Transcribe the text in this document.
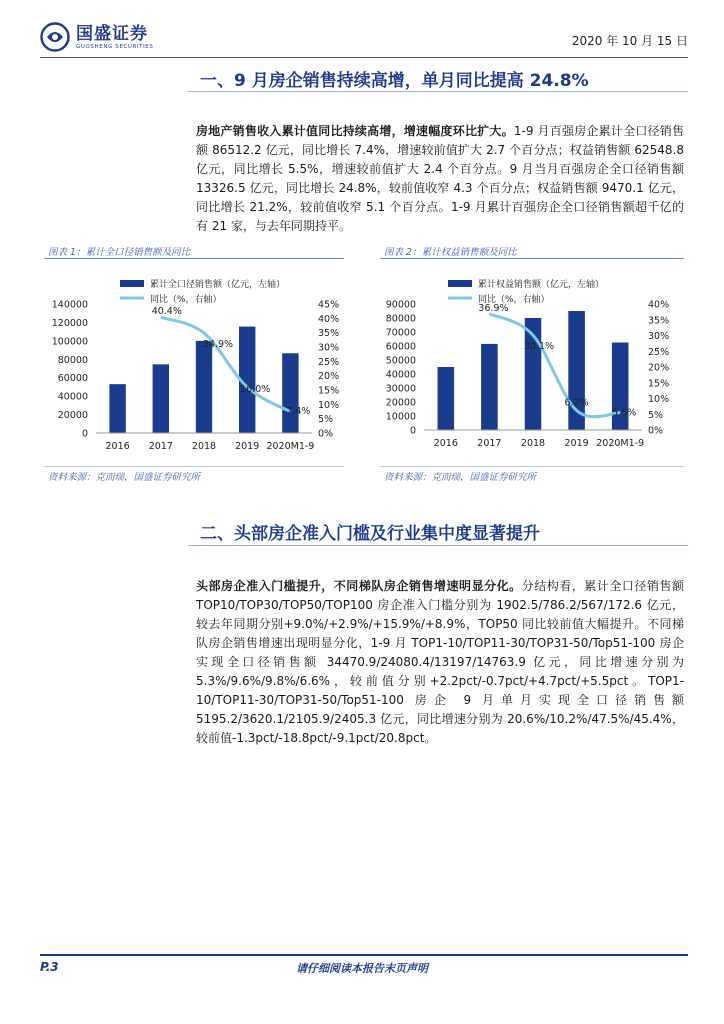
国盛证券
GUOSHENG SECURITIES	2020 年 10 月 15 日
一、9 月房企销售持续高增，单月同比提高 24.8%
房地产销售收入累计值同比持续高增，增速幅度环比扩大。1-9 月百强房企累计全口径销售额 86512.2 亿元，同比增长 7.4%，增速较前值扩大 2.7 个百分点；权益销售额 62548.8亿元，同比增长 5.5%，增速较前值扩大 2.4 个百分点。9 月当月百强房企全口径销售额 13326.5 亿元，同比增长 24.8%，较前值收窄 4.3 个百分点；权益销售额 9470.1 亿元，同比增长 21.2%，较前值收窄 5.1 个百分点。1-9 月累计百强房企全口径销售额超千亿的有 21 家，与去年同期持平。
图表 1：累计全口径销售额及同比	图表 2：累计权益销售额及同比
累计全口径销售额（亿元，左轴）
同比（%，右轴）
0
20000
40000
60000
80000
100000
120000
140000
0%
5%
10%
15%
20%
25%
30%
35%
40%
45%
2016 2017 2018 2019 2020M1-9
40.4%
34.9%
16.0%
7.4%
累计权益销售额（亿元，左轴）
同比（%，右轴）
0
10000
20000
30000
40000
50000
60000
70000
80000
90000
0%
5%
10%
15%
20%
25%
30%
35%
40%
2016 2017 2018 2019 2020M1-9
36.9%
30.1%
6.2%
5.5%
资料来源：克而瑞，国盛证券研究所	资料来源：克而瑞，国盛证券研究所
二、头部房企准入门槛及行业集中度显著提升
头部房企准入门槛提升，不同梯队房企销售增速明显分化。分结构看，累计全口径销售额 TOP10/TOP30/TOP50/TOP100 房企准入门槛分别为 1902.5/786.2/567/172.6 亿元，较去年同期分别+9.0%/+2.9%/+15.9%/+8.9%，TOP50 同比较前值大幅提升。不同梯队房企销售增速出现明显分化，1-9 月 TOP1-10/TOP11-30/TOP31-50/Top51-100 房企实现全口径销售额 34470.9/24080.4/13197/14763.9 亿元，同比增速分别为 5.3%/9.6%/9.8%/6.6%，较前值分别+2.2pct/-0.7pct/+4.7pct/+5.5pct。TOP1-10/TOP11-30/TOP31-50/Top51-100 房企 9 月单月实现全口径销售额 5195.2/3620.1/2105.9/2405.3 亿元，同比增速分别为 20.6%/10.2%/47.5%/45.4%，较前值-1.3pct/-18.8pct/-9.1pct/20.8pct。
P.3	请仔细阅读本报告末页声明
